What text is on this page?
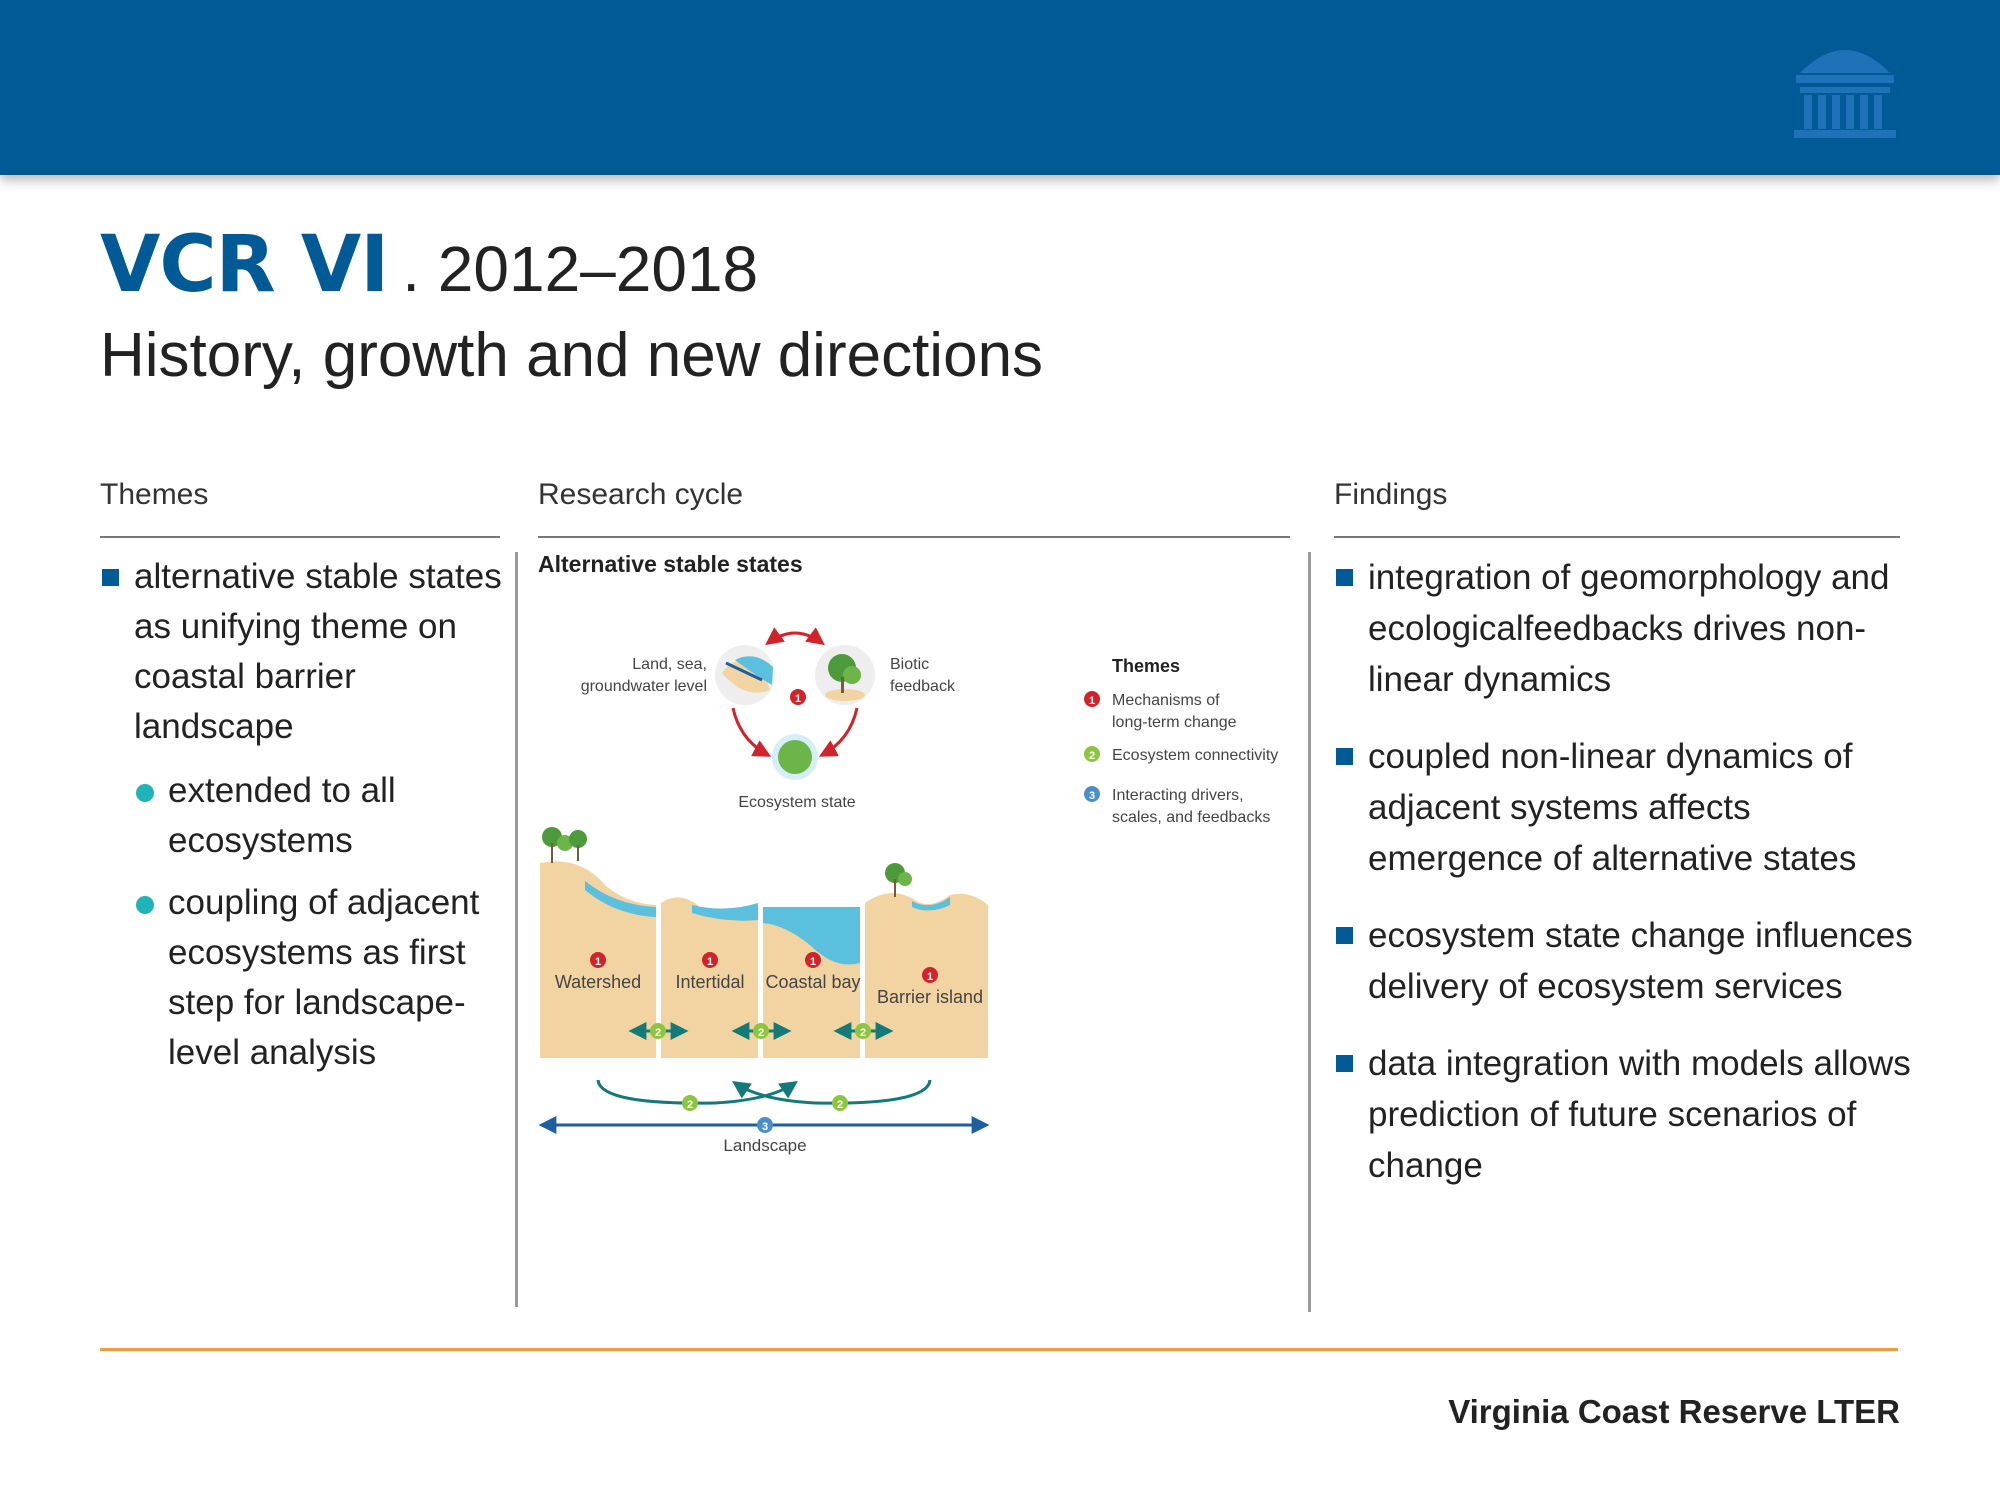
VCR VI . 2012–2018
History, growth and new directions
Themes	Research cycle	Findings
alternative stable states as unifying theme on coastal barrier landscape
extended to all ecosystems
coupling of adjacent ecosystems as first step for landscape-level analysis
Alternative stable states
1
Land, sea,
groundwater level
Biotic
feedback
Ecosystem state
Themes
1 Mechanisms of
long-term change
2 Ecosystem connectivity
3 Interacting drivers,
scales, and feedbacks
1
Watershed
1
Intertidal
1
Coastal bay	1
Barrier island
2	2	2
2	2
3
Landscape
integration of geomorphology and ecologicalfeedbacks drives non-linear dynamics
coupled non-linear dynamics of adjacent systems affects emergence of alternative states
ecosystem state change influences delivery of ecosystem services
data integration with models allows prediction of future scenarios of change
Virginia Coast Reserve LTER
